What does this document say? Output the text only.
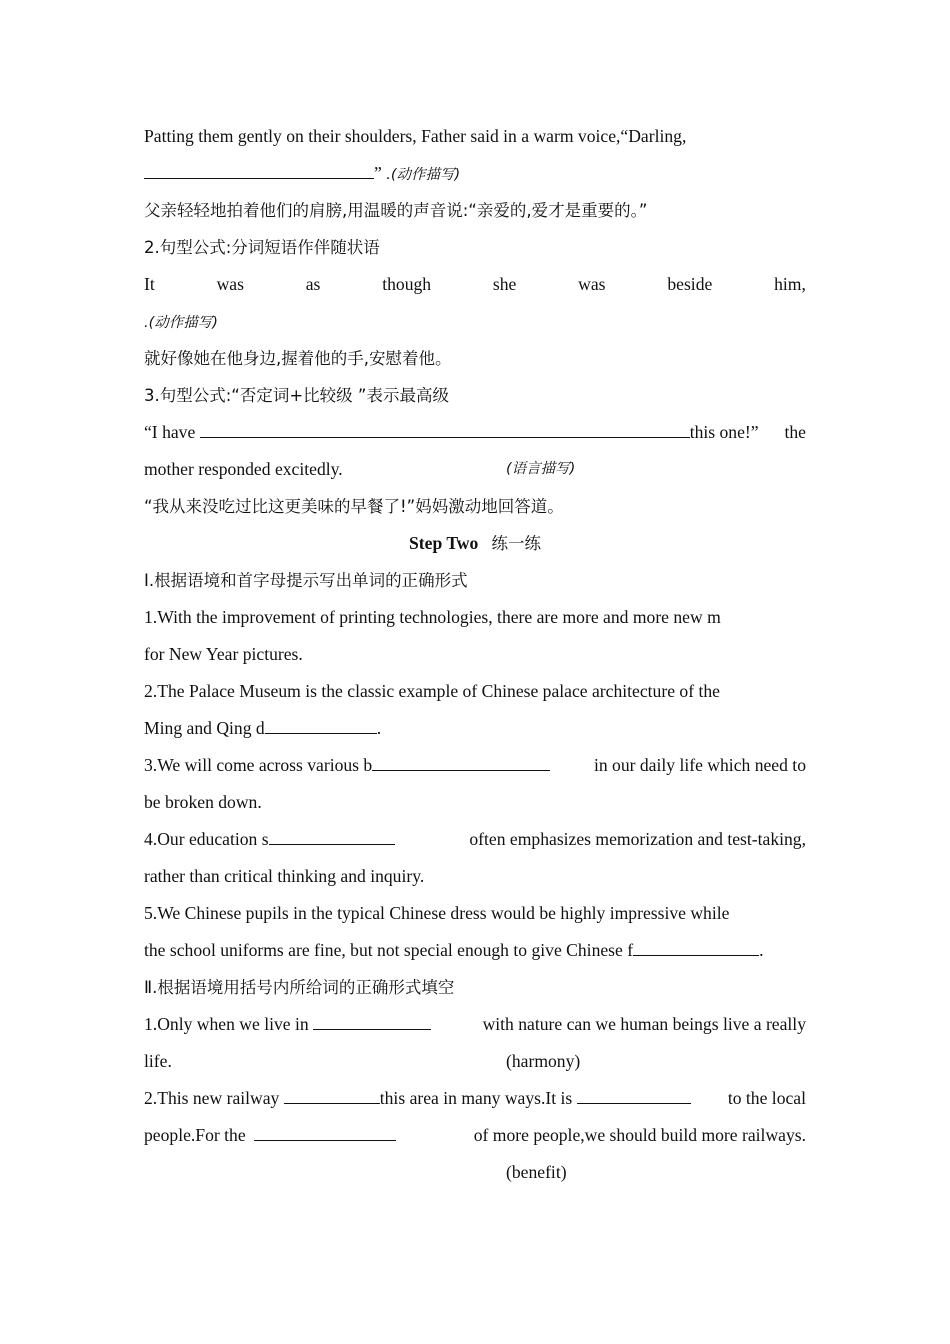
Patting them gently on their shoulders, Father said in a warm voice,“Darling,
” .(动作描写)
父亲轻轻地拍着他们的肩膀,用温暖的声音说:“亲爱的,爱才是重要的。”
2.句型公式:分词短语作伴随状语
It	was	as	though	she	was	beside	him,
.(动作描写)
就好像她在他身边,握着他的手,安慰着他。
3.句型公式:“否定词+比较级 ”表示最高级
“I have	this one!” the
mother responded excitedly.	(语言描写)
“我从来没吃过比这更美味的早餐了!”妈妈激动地回答道。
Step Two 练一练
Ⅰ.根据语境和首字母提示写出单词的正确形式
1.With the improvement of printing technologies, there are more and more new m
for New Year pictures.
2.The Palace Museum is the classic example of Chinese palace architecture of the
Ming and Qing d	.
3.We will come across various b	in our daily life which need to
be broken down.
4.Our education s	often emphasizes memorization and test-taking,
rather than critical thinking and inquiry.
5.We Chinese pupils in the typical Chinese dress would be highly impressive while
the school uniforms are fine, but not special enough to give Chinese f	.
Ⅱ.根据语境用括号内所给词的正确形式填空
1.Only when we live in	with nature can we human beings live a really
life.	(harmony)
2.This new railway	this area in many ways.It is	to the local
people.For the	of more people,we should build more railways.
(benefit)
